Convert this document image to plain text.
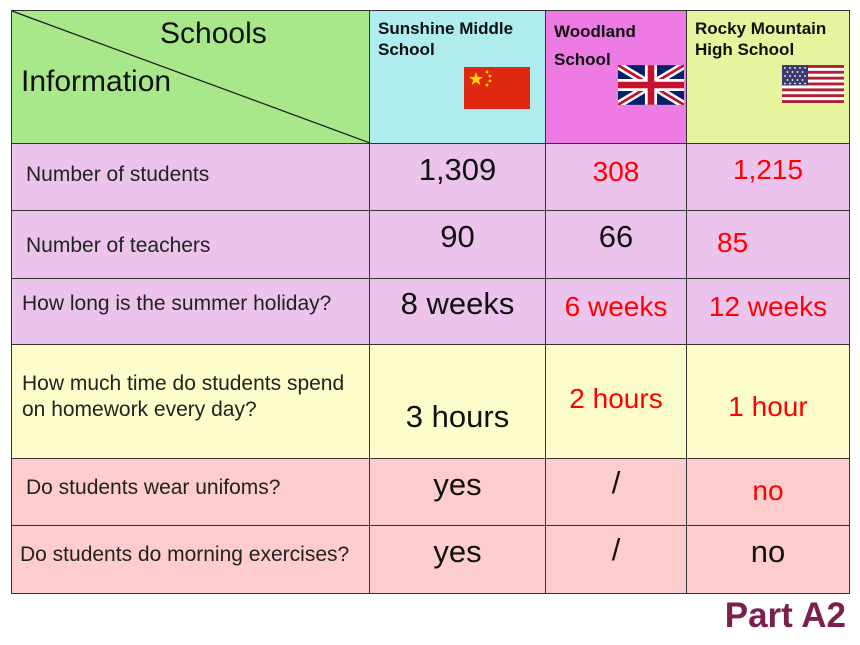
Schools
Information	Sunshine Middle School	Woodland School	Rocky Mountain High School

Number of students	1,309	308	1,215

Number of teachers	90	66	85

How long is the summer holiday?	8 weeks	6 weeks	12 weeks

How much time do students spend on homework every day?	3 hours	2 hours	1 hour

Do students wear unifoms?	yes	/	no

Do students do morning exercises?	yes	/	no
Part A2
